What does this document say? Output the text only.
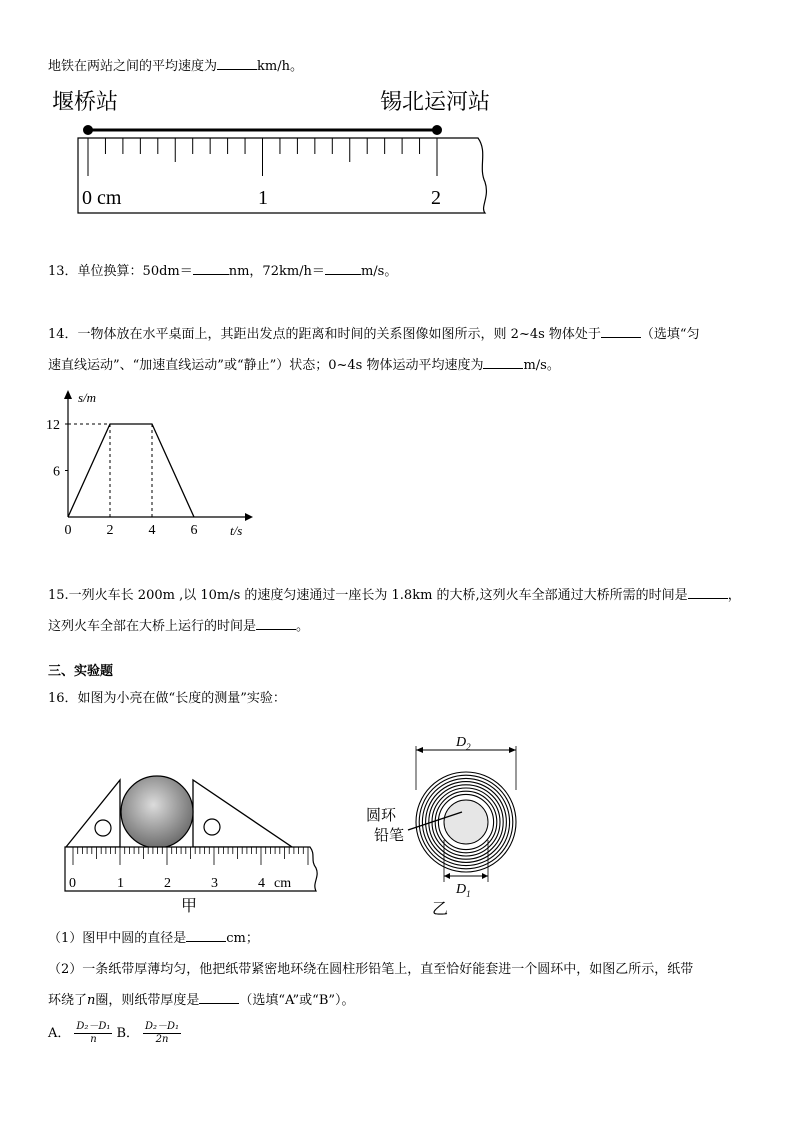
地铁在两站之间的平均速度为	km/h。
堰桥站	锡北运河站
0 cm	1	2
13．单位换算：50dm＝	nm，72km/h＝	m/s。
14．一物体放在水平桌面上，其距出发点的距离和时间的关系图像如图所示，则 2~4s 物体处于	（选填“匀
速直线运动”、“加速直线运动”或“静止”）状态；0~4s 物体运动平均速度为	m/s。
s/m
t/s
6
12
0	2	4	6
15.一列火车长 200m ,以 10m/s 的速度匀速通过一座长为 1.8km 的大桥,这列火车全部通过大桥所需的时间是	，
这列火车全部在大桥上运行的时间是	。
三、实验题
16．如图为小亮在做“长度的测量”实验：
0	1	2	3	4 cm
甲
$D_2$
圆环
铅笔
$D_1$
乙
（1）图甲中圆的直径是	cm；
（2）一条纸带厚薄均匀，他把纸带紧密地环绕在圆柱形铅笔上，直至恰好能套进一个圆环中，如图乙所示，纸带
环绕了n圈，则纸带厚度是	（选填“A”或“B”）。
A． $\frac{\text{D₂－D₁}}{n}$ B． $\frac{\text{D₂－D₁}}{2n}$
